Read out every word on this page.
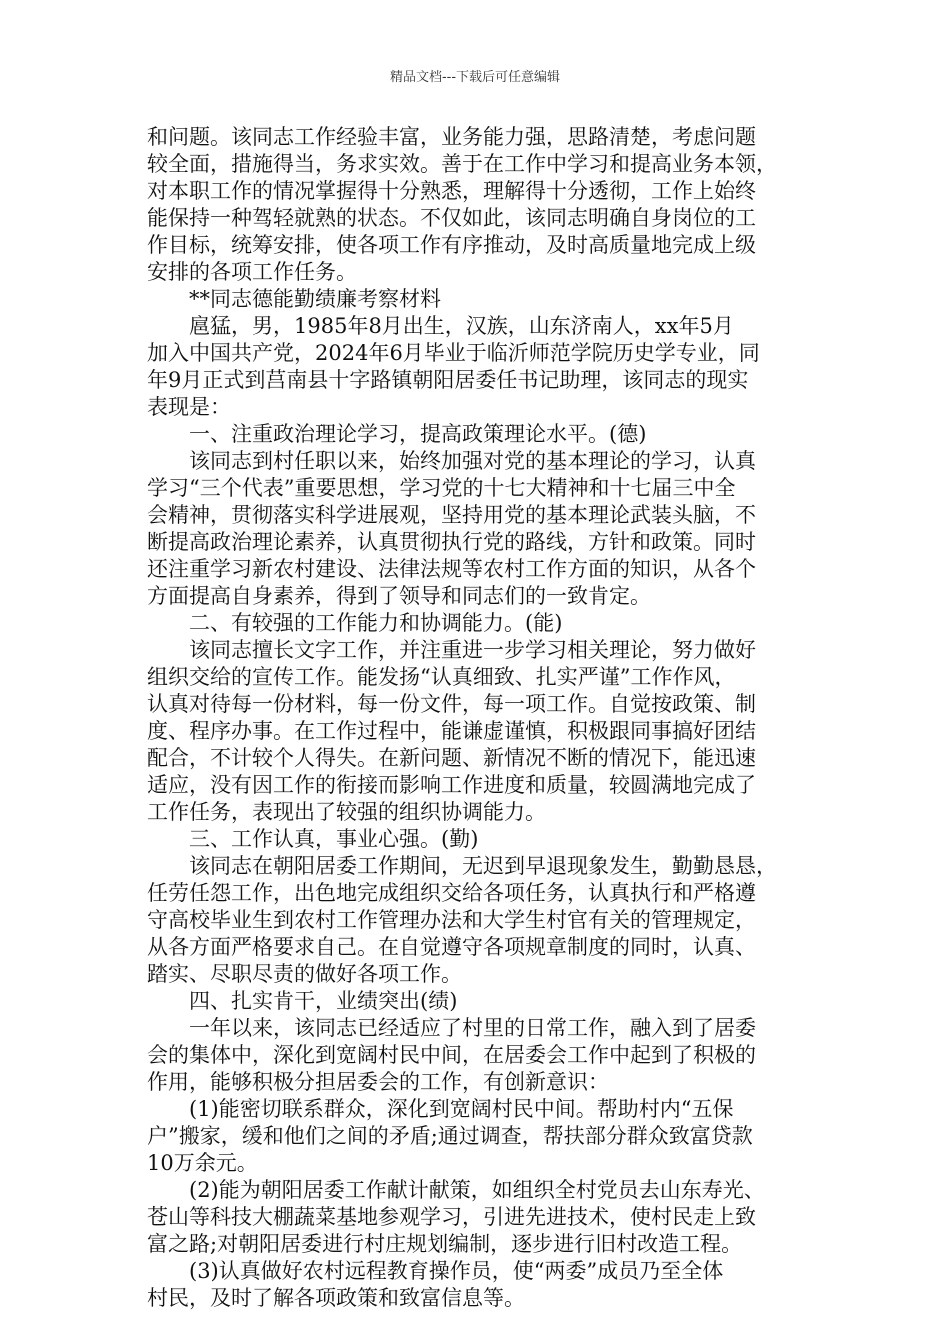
精品文档---下载后可任意编辑
和问题。该同志工作经验丰富，业务能力强，思路清楚，考虑问题
较全面，措施得当，务求实效。善于在工作中学习和提高业务本领，
对本职工作的情况掌握得十分熟悉，理解得十分透彻，工作上始终
能保持一种驾轻就熟的状态。不仅如此，该同志明确自身岗位的工
作目标，统筹安排，使各项工作有序推动，及时高质量地完成上级
安排的各项工作任务。
**同志德能勤绩廉考察材料
扈猛，男，1985年8月出生，汉族，山东济南人，xx年5月
加入中国共产党，2024年6月毕业于临沂师范学院历史学专业，同
年9月正式到莒南县十字路镇朝阳居委任书记助理，该同志的现实
表现是：
一、注重政治理论学习，提高政策理论水平。(德)
该同志到村任职以来，始终加强对党的基本理论的学习，认真
学习“三个代表”重要思想，学习党的十七大精神和十七届三中全
会精神，贯彻落实科学进展观，坚持用党的基本理论武装头脑，不
断提高政治理论素养，认真贯彻执行党的路线，方针和政策。同时
还注重学习新农村建设、法律法规等农村工作方面的知识，从各个
方面提高自身素养，得到了领导和同志们的一致肯定。
二、有较强的工作能力和协调能力。(能)
该同志擅长文字工作，并注重进一步学习相关理论，努力做好
组织交给的宣传工作。能发扬“认真细致、扎实严谨”工作作风，
认真对待每一份材料，每一份文件，每一项工作。自觉按政策、制
度、程序办事。在工作过程中，能谦虚谨慎，积极跟同事搞好团结
配合，不计较个人得失。在新问题、新情况不断的情况下，能迅速
适应，没有因工作的衔接而影响工作进度和质量，较圆满地完成了
工作任务，表现出了较强的组织协调能力。
三、工作认真，事业心强。(勤)
该同志在朝阳居委工作期间，无迟到早退现象发生，勤勤恳恳，
任劳任怨工作，出色地完成组织交给各项任务，认真执行和严格遵
守高校毕业生到农村工作管理办法和大学生村官有关的管理规定，
从各方面严格要求自己。在自觉遵守各项规章制度的同时，认真、
踏实、尽职尽责的做好各项工作。
四、扎实肯干，业绩突出(绩)
一年以来，该同志已经适应了村里的日常工作，融入到了居委
会的集体中，深化到宽阔村民中间，在居委会工作中起到了积极的
作用，能够积极分担居委会的工作，有创新意识：
(1)能密切联系群众，深化到宽阔村民中间。帮助村内“五保
户”搬家，缓和他们之间的矛盾;通过调查，帮扶部分群众致富贷款
10万余元。
(2)能为朝阳居委工作献计献策，如组织全村党员去山东寿光、
苍山等科技大棚蔬菜基地参观学习，引进先进技术，使村民走上致
富之路;对朝阳居委进行村庄规划编制，逐步进行旧村改造工程。
(3)认真做好农村远程教育操作员，使“两委”成员乃至全体
村民，及时了解各项政策和致富信息等。
